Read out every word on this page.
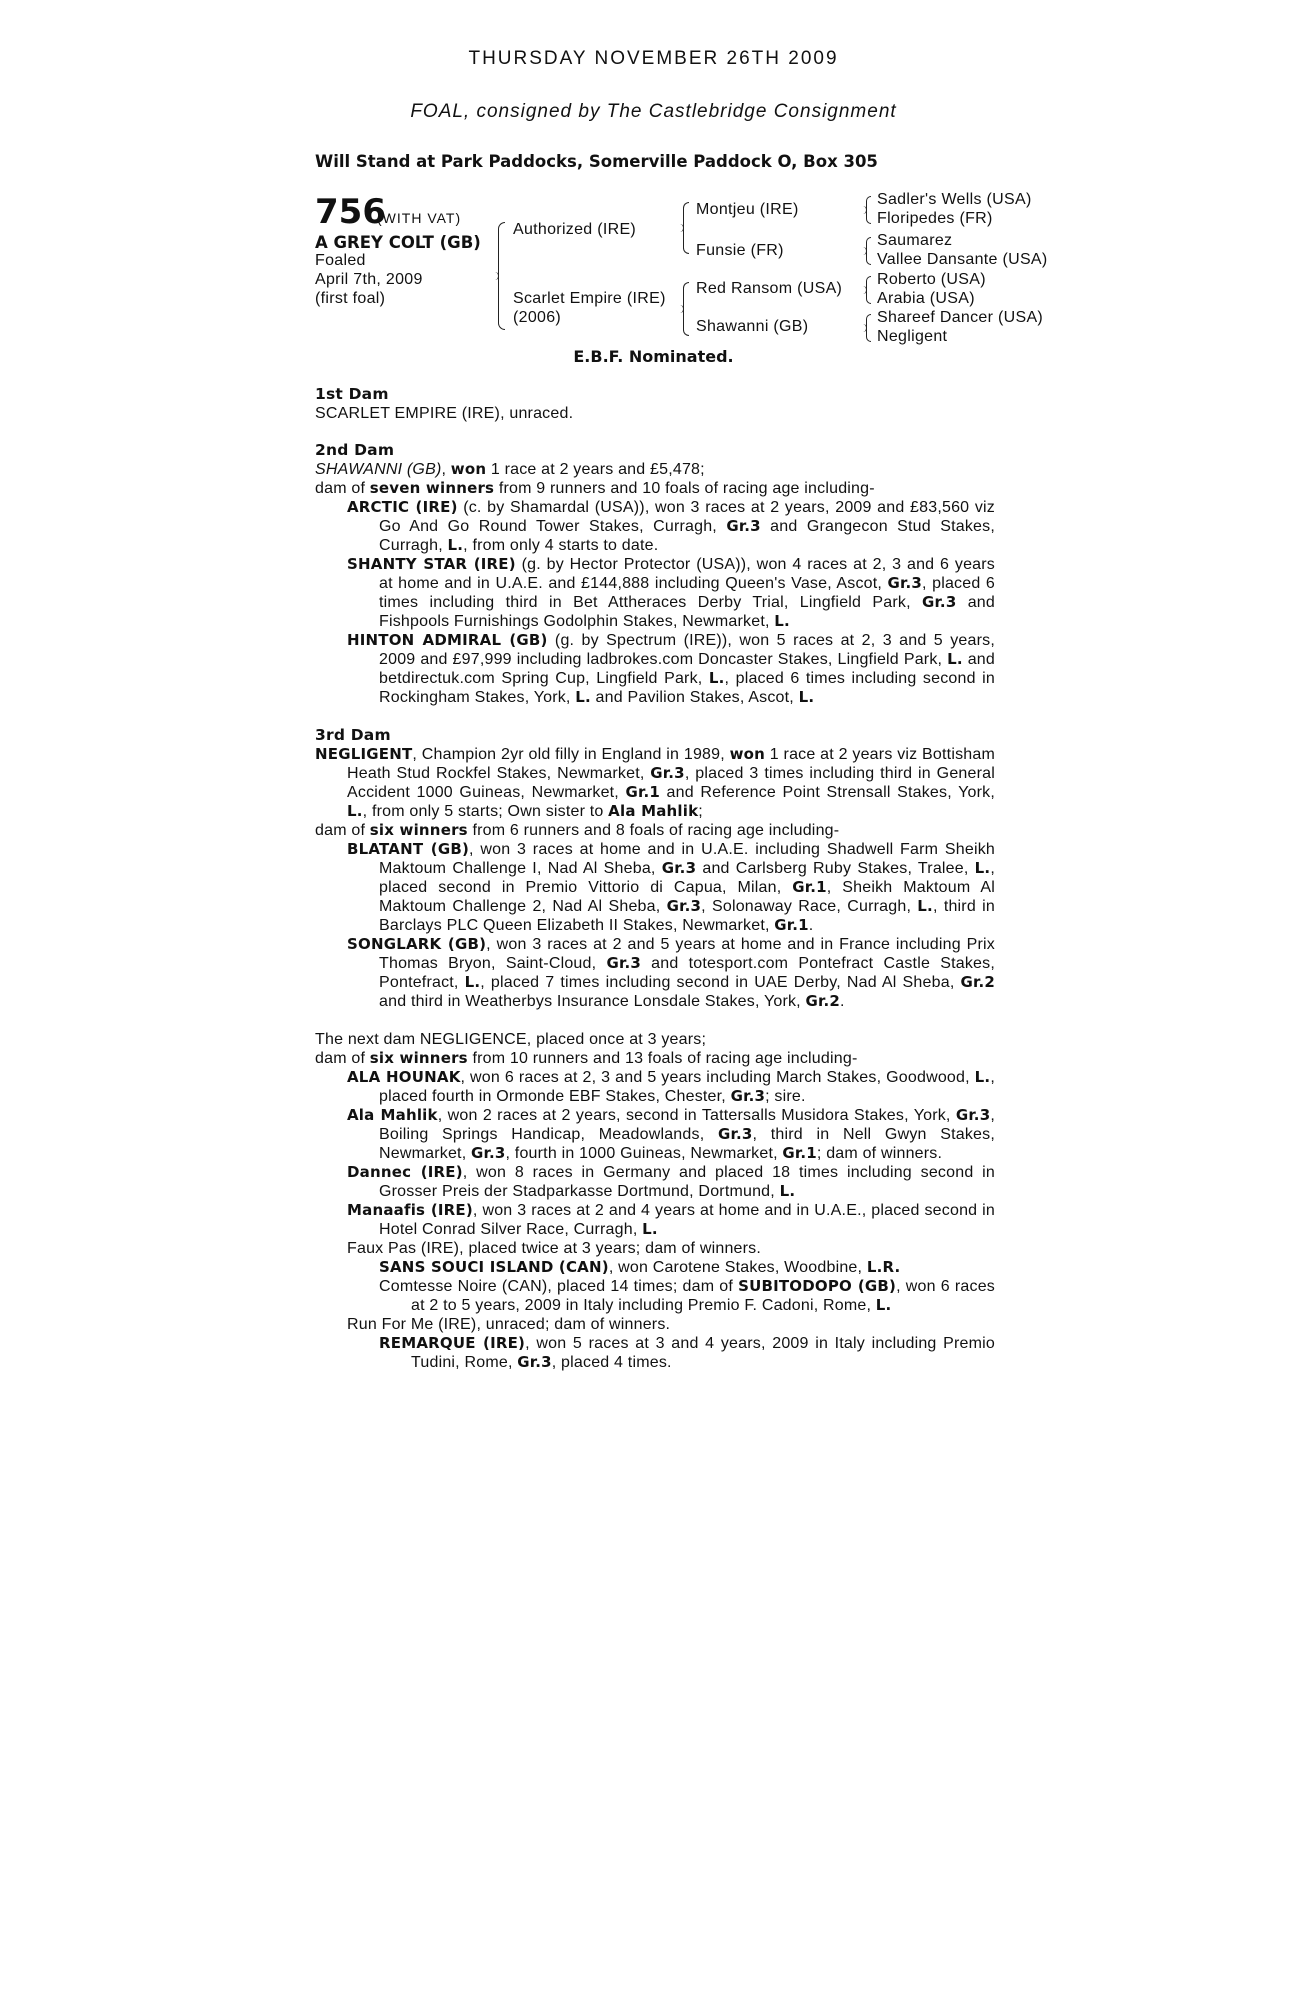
THURSDAY NOVEMBER 26TH 2009
FOAL, consigned by The Castlebridge Consignment
Will Stand at Park Paddocks, Somerville Paddock O, Box 305
756
(WITH VAT)
A GREY COLT (GB)
Foaled
April 7th, 2009
(first foal)
Authorized (IRE)
Scarlet Empire (IRE)
(2006)
Montjeu (IRE)
Funsie (FR)
Red Ransom (USA)
Shawanni (GB)
Sadler's Wells (USA)
Floripedes (FR)
Saumarez
Vallee Dansante (USA)
Roberto (USA)
Arabia (USA)
Shareef Dancer (USA)
Negligent
E.B.F. Nominated.
1st Dam
SCARLET EMPIRE (IRE), unraced.
2nd Dam
SHAWANNI (GB), won 1 race at 2 years and £5,478;
dam of seven winners from 9 runners and 10 foals of racing age including-
ARCTIC (IRE) (c. by Shamardal (USA)), won 3 races at 2 years, 2009 and £83,560 viz Go And Go Round Tower Stakes, Curragh, Gr.3 and Grangecon Stud Stakes, Curragh, L., from only 4 starts to date.
SHANTY STAR (IRE) (g. by Hector Protector (USA)), won 4 races at 2, 3 and 6 years at home and in U.A.E. and £144,888 including Queen's Vase, Ascot, Gr.3, placed 6 times including third in Bet Attheraces Derby Trial, Lingfield Park, Gr.3 and Fishpools Furnishings Godolphin Stakes, Newmarket, L.
HINTON ADMIRAL (GB) (g. by Spectrum (IRE)), won 5 races at 2, 3 and 5 years, 2009 and £97,999 including ladbrokes.com Doncaster Stakes, Lingfield Park, L. and betdirectuk.com Spring Cup, Lingfield Park, L., placed 6 times including second in Rockingham Stakes, York, L. and Pavilion Stakes, Ascot, L.
3rd Dam
NEGLIGENT, Champion 2yr old filly in England in 1989, won 1 race at 2 years viz Bottisham Heath Stud Rockfel Stakes, Newmarket, Gr.3, placed 3 times including third in General Accident 1000 Guineas, Newmarket, Gr.1 and Reference Point Strensall Stakes, York, L., from only 5 starts; Own sister to Ala Mahlik;
dam of six winners from 6 runners and 8 foals of racing age including-
BLATANT (GB), won 3 races at home and in U.A.E. including Shadwell Farm Sheikh Maktoum Challenge I, Nad Al Sheba, Gr.3 and Carlsberg Ruby Stakes, Tralee, L., placed second in Premio Vittorio di Capua, Milan, Gr.1, Sheikh Maktoum Al Maktoum Challenge 2, Nad Al Sheba, Gr.3, Solonaway Race, Curragh, L., third in Barclays PLC Queen Elizabeth II Stakes, Newmarket, Gr.1.
SONGLARK (GB), won 3 races at 2 and 5 years at home and in France including Prix Thomas Bryon, Saint-Cloud, Gr.3 and totesport.com Pontefract Castle Stakes, Pontefract, L., placed 7 times including second in UAE Derby, Nad Al Sheba, Gr.2 and third in Weatherbys Insurance Lonsdale Stakes, York, Gr.2.
The next dam NEGLIGENCE, placed once at 3 years;
dam of six winners from 10 runners and 13 foals of racing age including-
ALA HOUNAK, won 6 races at 2, 3 and 5 years including March Stakes, Goodwood, L., placed fourth in Ormonde EBF Stakes, Chester, Gr.3; sire.
Ala Mahlik, won 2 races at 2 years, second in Tattersalls Musidora Stakes, York, Gr.3, Boiling Springs Handicap, Meadowlands, Gr.3, third in Nell Gwyn Stakes, Newmarket, Gr.3, fourth in 1000 Guineas, Newmarket, Gr.1; dam of winners.
Dannec (IRE), won 8 races in Germany and placed 18 times including second in Grosser Preis der Stadparkasse Dortmund, Dortmund, L.
Manaafis (IRE), won 3 races at 2 and 4 years at home and in U.A.E., placed second in Hotel Conrad Silver Race, Curragh, L.
Faux Pas (IRE), placed twice at 3 years; dam of winners.
SANS SOUCI ISLAND (CAN), won Carotene Stakes, Woodbine, L.R.
Comtesse Noire (CAN), placed 14 times; dam of SUBITODOPO (GB), won 6 races at 2 to 5 years, 2009 in Italy including Premio F. Cadoni, Rome, L.
Run For Me (IRE), unraced; dam of winners.
REMARQUE (IRE), won 5 races at 3 and 4 years, 2009 in Italy including Premio Tudini, Rome, Gr.3, placed 4 times.
